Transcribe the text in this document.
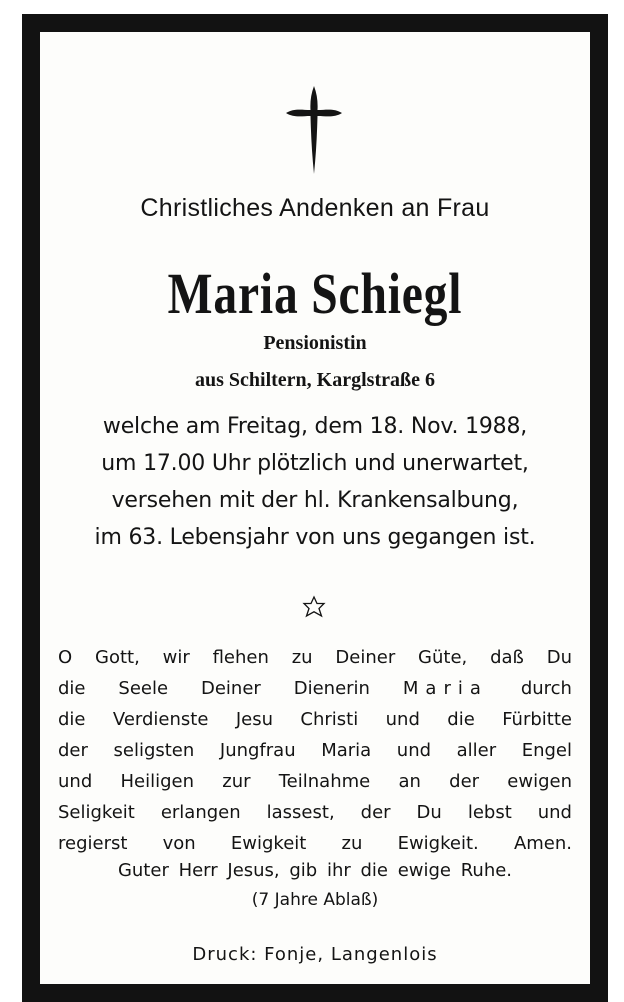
Christliches Andenken an Frau
Maria Schiegl
Pensionistin
aus Schiltern, Karglstraße 6
welche am Freitag, dem 18. Nov. 1988,
um 17.00 Uhr plötzlich und unerwartet,
versehen mit der hl. Krankensalbung,
im 63. Lebensjahr von uns gegangen ist.
O Gott, wir flehen zu Deiner Güte, daß Du
die Seele Deiner Dienerin Maria durch
die Verdienste Jesu Christi und die Fürbitte
der seligsten Jungfrau Maria und aller Engel
und Heiligen zur Teilnahme an der ewigen
Seligkeit erlangen lassest, der Du lebst und
regierst von Ewigkeit zu Ewigkeit. Amen.
Guter Herr Jesus, gib ihr die ewige Ruhe.
(7 Jahre Ablaß)
Druck: Fonje, Langenlois
